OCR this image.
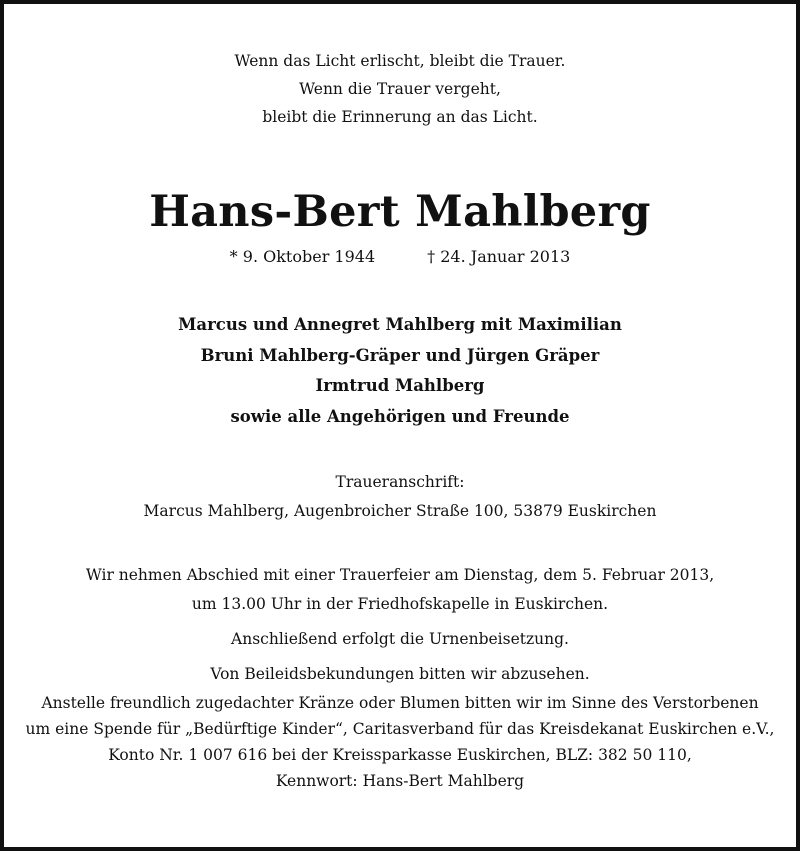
Wenn das Licht erlischt, bleibt die Trauer.
Wenn die Trauer vergeht,
bleibt die Erinnerung an das Licht.
Hans-Bert Mahlberg
* 9. Oktober 1944	† 24. Januar 2013
Marcus und Annegret Mahlberg mit Maximilian
Bruni Mahlberg-Gräper und Jürgen Gräper
Irmtrud Mahlberg
sowie alle Angehörigen und Freunde
Traueranschrift:
Marcus Mahlberg, Augenbroicher Straße 100, 53879 Euskirchen
Wir nehmen Abschied mit einer Trauerfeier am Dienstag, dem 5. Februar 2013,
um 13.00 Uhr in der Friedhofskapelle in Euskirchen.
Anschließend erfolgt die Urnenbeisetzung.
Von Beileidsbekundungen bitten wir abzusehen.
Anstelle freundlich zugedachter Kränze oder Blumen bitten wir im Sinne des Verstorbenen
um eine Spende für „Bedürftige Kinder“, Caritasverband für das Kreisdekanat Euskirchen e.V.,
Konto Nr. 1 007 616 bei der Kreissparkasse Euskirchen, BLZ: 382 50 110,
Kennwort: Hans-Bert Mahlberg
